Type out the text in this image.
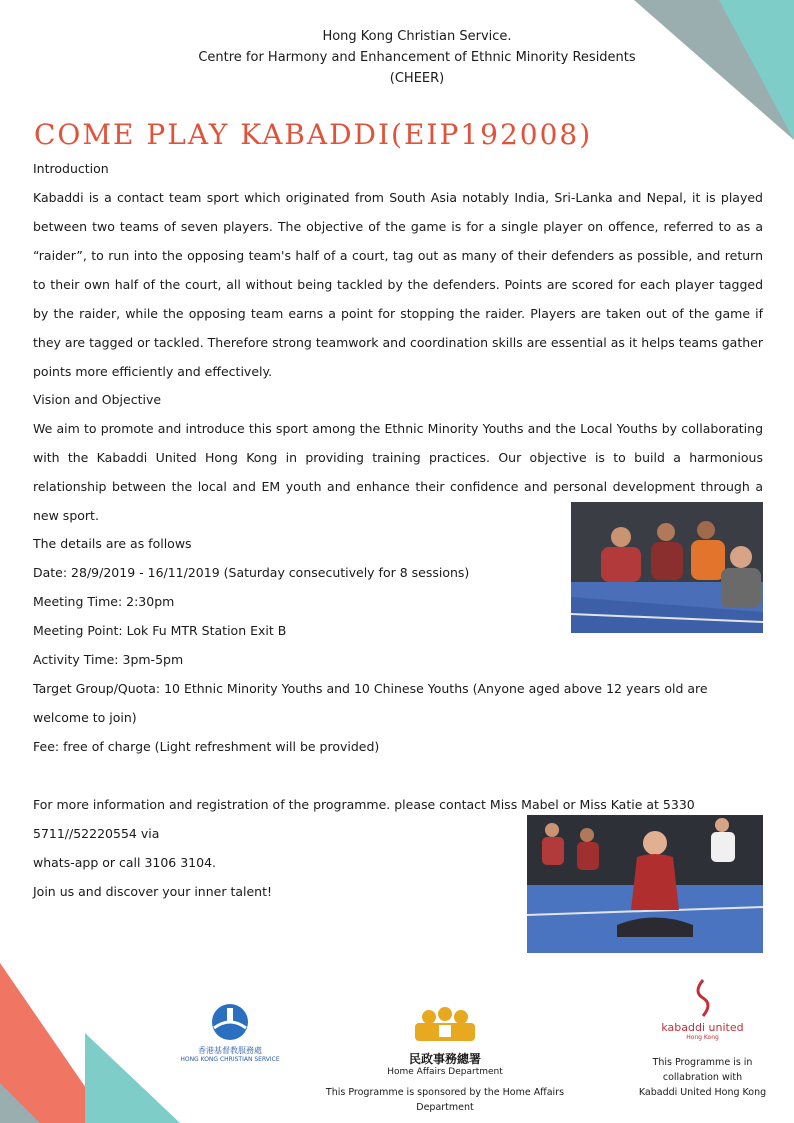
Hong Kong Christian Service.
Centre for Harmony and Enhancement of Ethnic Minority Residents (CHEER)
COME PLAY KABADDI(EIP192008)
Introduction
Kabaddi is a contact team sport which originated from South Asia notably India, Sri-Lanka and Nepal, it is played between two teams of seven players. The objective of the game is for a single player on offence, referred to as a “raider”, to run into the opposing team's half of a court, tag out as many of their defenders as possible, and return to their own half of the court, all without being tackled by the defenders. Points are scored for each player tagged by the raider, while the opposing team earns a point for stopping the raider. Players are taken out of the game if they are tagged or tackled. Therefore strong teamwork and coordination skills are essential as it helps teams gather points more efficiently and effectively.
Vision and Objective
We aim to promote and introduce this sport among the Ethnic Minority Youths and the Local Youths by collaborating with the Kabaddi United Hong Kong in providing training practices. Our objective is to build a harmonious relationship between the local and EM youth and enhance their confidence and personal development through a new sport.
The details are as follows
Date: 28/9/2019 - 16/11/2019 (Saturday consecutively for 8 sessions)
Meeting Time: 2:30pm
Meeting Point: Lok Fu MTR Station Exit B
Activity Time: 3pm-5pm
Target Group/Quota: 10 Ethnic Minority Youths and 10 Chinese Youths (Anyone aged above 12 years old are welcome to join)
Fee: free of charge (Light refreshment will be provided)
For more information and registration of the programme. please contact Miss Mabel or Miss Katie at 5330 5711//52220554 via
whats-app or call 3106 3104.
Join us and discover your inner talent!
香港基督教服務處
HONG KONG CHRISTIAN SERVICE	民政事務總署
Home Affairs Department
This Programme is sponsored by the Home Affairs Department
kabaddi united
Hong Kong
This Programme is in
collabration with
Kabaddi United Hong Kong
